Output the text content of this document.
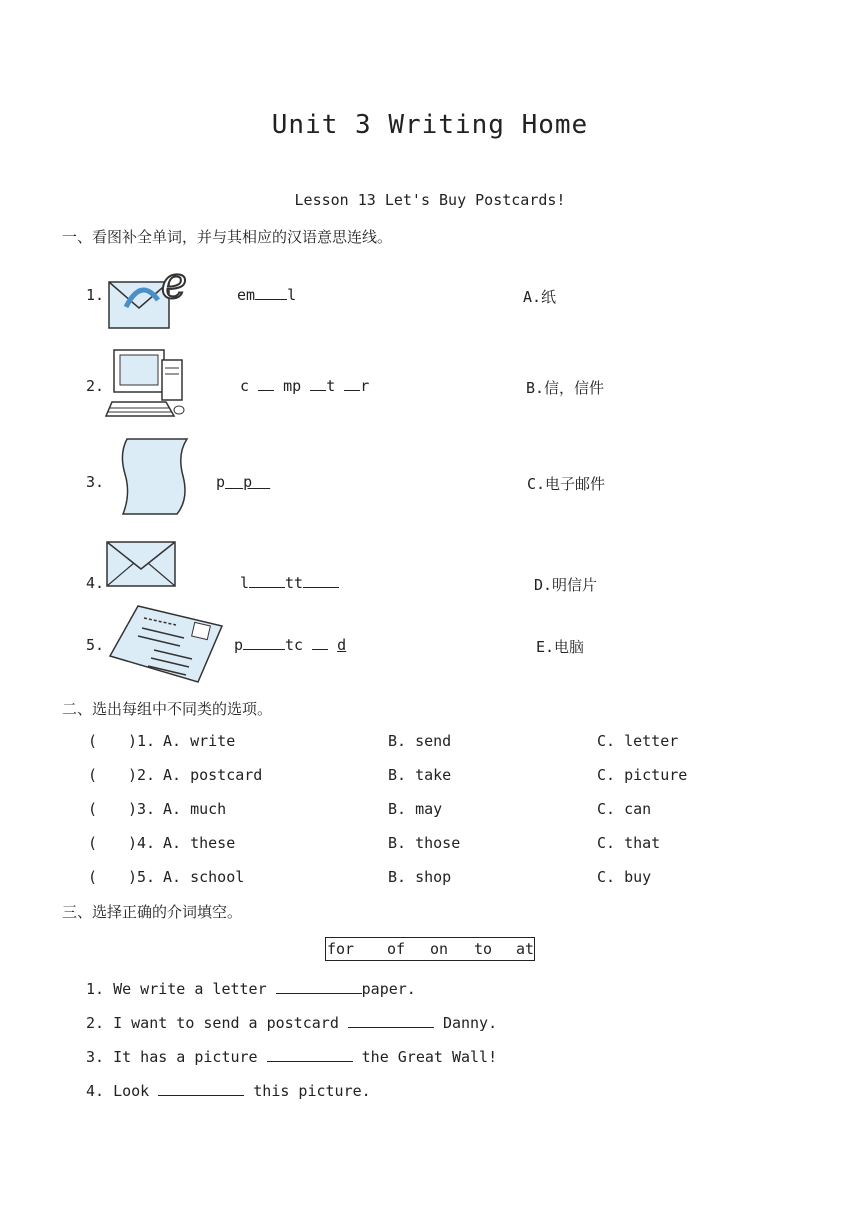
Unit 3 Writing Home
Lesson 13 Let's Buy Postcards!
一、看图补全单词，并与其相应的汉语意思连线。
1. e	em l	A.纸
2.	c mp t r	B.信，信件
3.	p p	C.电子邮件
4.	l tt	D.明信片
5.	p	tc d	E.电脑
二、选出每组中不同类的选项。
( )1. A. write	B. send	C. letter
( )2. A. postcard	B. take	C. picture
( )3. A. much	B. may	C. can
( )4. A. these	B. those	C. that
( )5. A. school	B. shop	C. buy
三、选择正确的介词填空。
for of on to at
1. We write a letter	paper.
2. I want to send a postcard	Danny.
3. It has a picture	the Great Wall!
4. Look	this picture.
